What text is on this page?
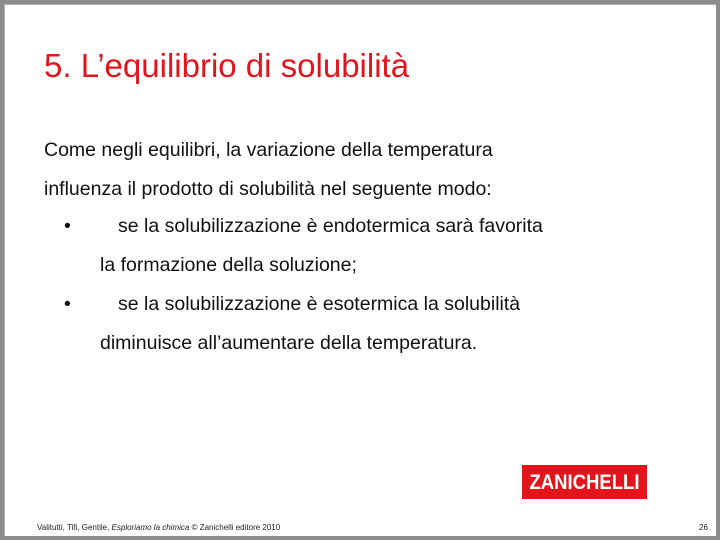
5. L’equilibrio di solubilità
Come negli equilibri, la variazione della temperatura
influenza il prodotto di solubilità nel seguente modo:
•	se la solubilizzazione è endotermica sarà favorita
la formazione della soluzione;
•	se la solubilizzazione è esotermica la solubilità
diminuisce all’aumentare della temperatura.
ZANICHELLI
Valitutti, Tifi, Gentile, Esploriamo la chimica © Zanichelli editore 2010	26
